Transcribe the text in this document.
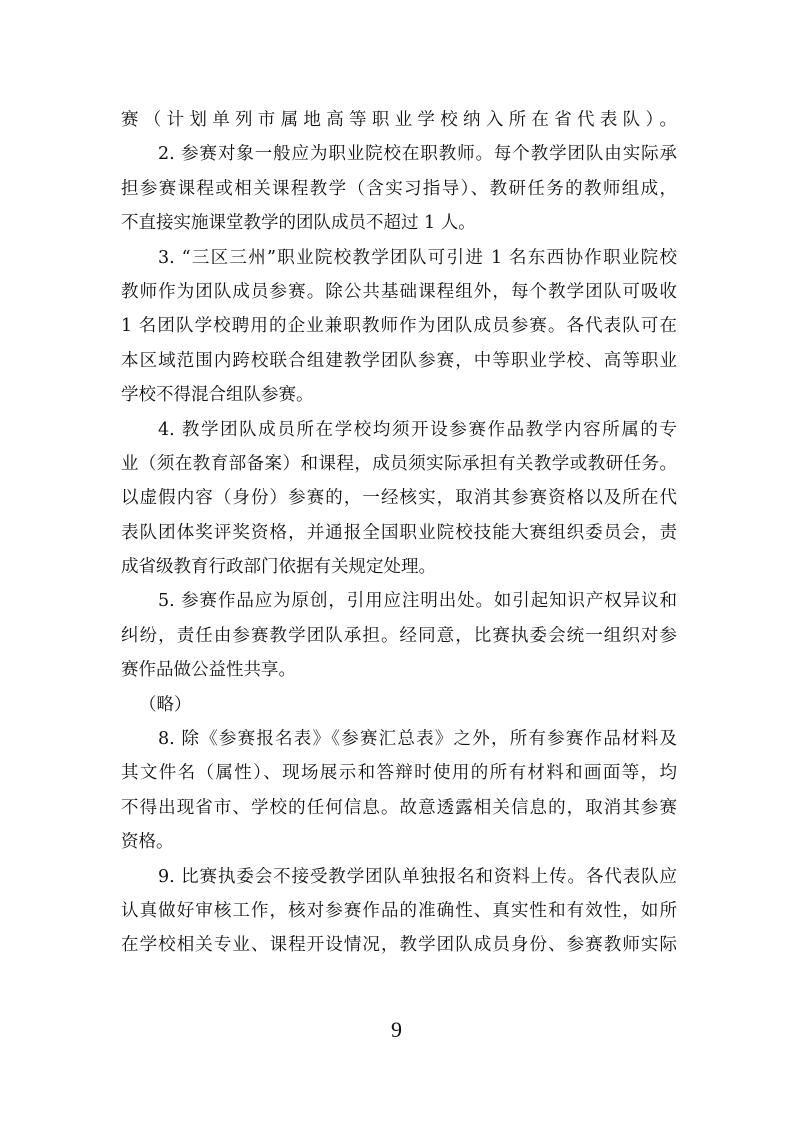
赛（计划单列市属地高等职业学校纳入所在省代表队）。
2. 参赛对象一般应为职业院校在职教师。每个教学团队由实际承
担参赛课程或相关课程教学（含实习指导）、教研任务的教师组成，
不直接实施课堂教学的团队成员不超过 1 人。
3. “三区三州”职业院校教学团队可引进 1 名东西协作职业院校
教师作为团队成员参赛。除公共基础课程组外，每个教学团队可吸收
1 名团队学校聘用的企业兼职教师作为团队成员参赛。各代表队可在
本区域范围内跨校联合组建教学团队参赛，中等职业学校、高等职业
学校不得混合组队参赛。
4. 教学团队成员所在学校均须开设参赛作品教学内容所属的专
业（须在教育部备案）和课程，成员须实际承担有关教学或教研任务。
以虚假内容（身份）参赛的，一经核实，取消其参赛资格以及所在代
表队团体奖评奖资格，并通报全国职业院校技能大赛组织委员会，责
成省级教育行政部门依据有关规定处理。
5. 参赛作品应为原创，引用应注明出处。如引起知识产权异议和
纠纷，责任由参赛教学团队承担。经同意，比赛执委会统一组织对参
赛作品做公益性共享。
（略）
8. 除《参赛报名表》《参赛汇总表》之外，所有参赛作品材料及
其文件名（属性）、现场展示和答辩时使用的所有材料和画面等，均
不得出现省市、学校的任何信息。故意透露相关信息的，取消其参赛
资格。
9. 比赛执委会不接受教学团队单独报名和资料上传。各代表队应
认真做好审核工作，核对参赛作品的准确性、真实性和有效性，如所
在学校相关专业、课程开设情况，教学团队成员身份、参赛教师实际
9
